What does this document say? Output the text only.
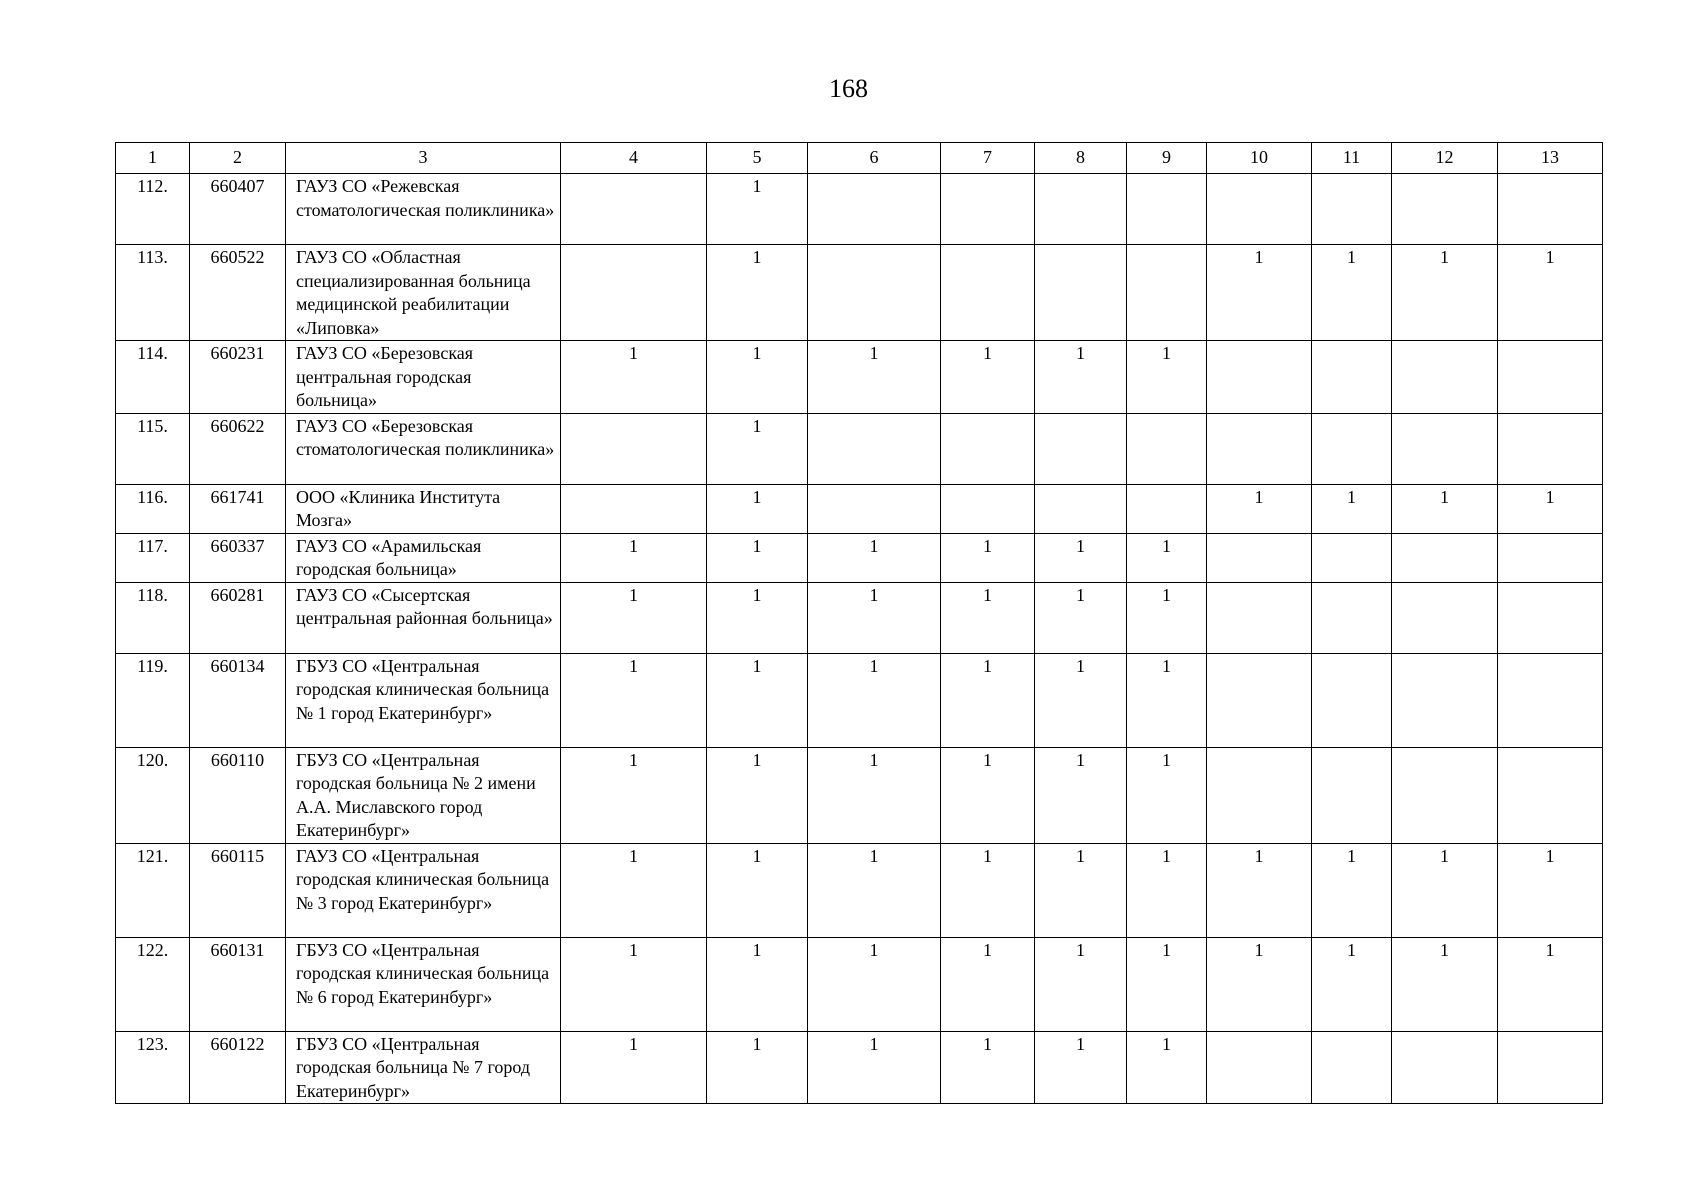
168
1	2	3	4	5	6	7	8	9	10	11	12	13
112.	660407	ГАУЗ СО «Режевская стоматологическая поликлиника»		1								
113.	660522	ГАУЗ СО «Областная специализированная больница медицинской реабилитации «Липовка»		1					1	1	1	1
114.	660231	ГАУЗ СО «Березовская центральная городская больница»	1	1	1	1	1	1				
115.	660622	ГАУЗ СО «Березовская стоматологическая поликлиника»		1								
116.	661741	ООО «Клиника Института Мозга»		1					1	1	1	1
117.	660337	ГАУЗ СО «Арамильская городская больница»	1	1	1	1	1	1				
118.	660281	ГАУЗ СО «Сысертская центральная районная больница»	1	1	1	1	1	1				
119.	660134	ГБУЗ СО «Центральная городская клиническая больница № 1 город Екатеринбург»	1	1	1	1	1	1				
120.	660110	ГБУЗ СО «Центральная городская больница № 2 имени А.А. Миславского город Екатеринбург»	1	1	1	1	1	1				
121.	660115	ГАУЗ СО «Центральная городская клиническая больница № 3 город Екатеринбург»	1	1	1	1	1	1	1	1	1	1
122.	660131	ГБУЗ СО «Центральная городская клиническая больница № 6 город Екатеринбург»	1	1	1	1	1	1	1	1	1	1
123.	660122	ГБУЗ СО «Центральная городская больница № 7 город Екатеринбург»	1	1	1	1	1	1				
